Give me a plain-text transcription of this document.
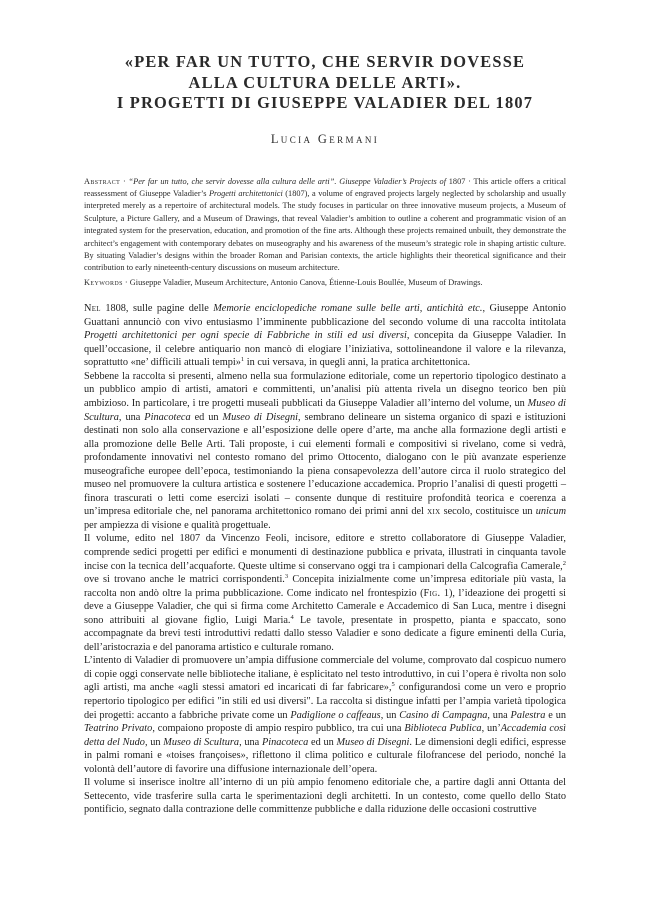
«PER FAR UN TUTTO, CHE SERVIR DOVESSE
ALLA CULTURA DELLE ARTI».
I PROGETTI DI GIUSEPPE VALADIER DEL 1807
Lucia Germani
Abstract · “Per far un tutto, che servir dovesse alla cultura delle arti”. Giuseppe Valadier’s Projects of 1807 · This article offers a critical reassessment of Giuseppe Valadier’s Progetti architettonici (1807), a volume of engraved projects largely neglected by scholarship and usually interpreted merely as a repertoire of architectural models. The study focuses in particular on three innovative museum projects, a Museum of Sculpture, a Picture Gallery, and a Museum of Drawings, that reveal Valadier’s ambition to outline a coherent and programmatic vision of an integrated system for the preservation, education, and promotion of the fine arts. Although these projects remained unbuilt, they demonstrate the architect’s engagement with contemporary debates on museography and his awareness of the museum’s strategic role in shaping artistic culture. By situating Valadier’s designs within the broader Roman and Parisian contexts, the article highlights their theoretical significance and their contribution to early nineteenth-century discussions on museum architecture.
Keywords · Giuseppe Valadier, Museum Architecture, Antonio Canova, Étienne-Louis Boullée, Museum of Drawings.

Nel 1808, sulle pagine delle Memorie enciclopediche romane sulle belle arti, antichità etc., Giuseppe Antonio Guattani annunciò con vivo entusiasmo l’imminente pubblicazione del secondo volume di una raccolta intitolata Progetti architettonici per ogni specie di Fabbriche in stili ed usi diversi, concepita da Giuseppe Valadier. In quell’occasione, il celebre antiquario non mancò di elogiare l’iniziativa, sottolineandone il valore e la rilevanza, soprattutto «ne’ difficili attuali tempi»$^1$ in cui versava, in quegli anni, la pratica architettonica.

Sebbene la raccolta si presenti, almeno nella sua formulazione editoriale, come un repertorio tipologico destinato a un pubblico ampio di artisti, amatori e committenti, un’analisi più attenta rivela un disegno teorico ben più ambizioso. In particolare, i tre progetti museali pubblicati da Giuseppe Valadier all’interno del volume, un Museo di Scultura, una Pinacoteca ed un Museo di Disegni, sembrano delineare un sistema organico di spazi e istituzioni destinati non solo alla conservazione e all’esposizione delle opere d’arte, ma anche alla formazione degli artisti e alla promozione delle Belle Arti. Tali proposte, i cui elementi formali e compositivi si rivelano, come si vedrà, profondamente innovativi nel contesto romano del primo Ottocento, dialogano con le più avanzate esperienze museografiche europee dell’epoca, testimoniando la piena consapevolezza dell’autore circa il ruolo strategico del museo nel promuovere la cultura artistica e sostenere l’educazione accademica. Proprio l’analisi di questi progetti – finora trascurati o letti come esercizi isolati – consente dunque di restituire profondità teorica e coerenza a un’impresa editoriale che, nel panorama architettonico romano dei primi anni del xix secolo, costituisce un unicum per ampiezza di visione e qualità progettuale.

Il volume, edito nel 1807 da Vincenzo Feoli, incisore, editore e stretto collaboratore di Giuseppe Valadier, comprende sedici progetti per edifici e monumenti di destinazione pubblica e privata, illustrati in cinquanta tavole incise con la tecnica dell’acquaforte. Queste ultime si conservano oggi tra i campionari della Calcografia Camerale,$^2$ ove si trovano anche le matrici corrispondenti.$^3$ Concepita inizialmente come un’impresa editoriale più vasta, la raccolta non andò oltre la prima pubblicazione. Come indicato nel frontespizio (Fig. 1), l’ideazione dei progetti si deve a Giuseppe Valadier, che qui si firma come Architetto Camerale e Accademico di San Luca, mentre i disegni sono attribuiti al giovane figlio, Luigi Maria.$^4$ Le tavole, presentate in prospetto, pianta e spaccato, sono accompagnate da brevi testi introduttivi redatti dallo stesso Valadier e sono dedicate a figure eminenti della Curia, dell’aristocrazia e del panorama artistico e culturale romano.

L’intento di Valadier di promuovere un’ampia diffusione commerciale del volume, comprovato dal cospicuo numero di copie oggi conservate nelle biblioteche italiane, è esplicitato nel testo introduttivo, in cui l’opera è rivolta non solo agli artisti, ma anche «agli stessi amatori ed incaricati di far fabricare»,$^5$ configurandosi come un vero e proprio repertorio tipologico per edifici "in stili ed usi diversi". La raccolta si distingue infatti per l’ampia varietà tipologica dei progetti: accanto a fabbriche private come un Padiglione o caffeaus, un Casino di Campagna, una Palestra e un Teatrino Privato, compaiono proposte di ampio respiro pubblico, tra cui una Biblioteca Publica, un’Accademia così detta del Nudo, un Museo di Scultura, una Pinacoteca ed un Museo di Disegni. Le dimensioni degli edifici, espresse in palmi romani e «toises françoises», riflettono il clima politico e culturale filofrancese del periodo, nonché la volontà dell’autore di favorire una diffusione internazionale dell’opera.

Il volume si inserisce inoltre all’interno di un più ampio fenomeno editoriale che, a partire dagli anni Ottanta del Settecento, vide trasferire sulla carta le sperimentazioni degli architetti. In un contesto, come quello dello Stato pontificio, segnato dalla contrazione delle committenze pubbliche e dalla riduzione delle occasioni costruttive
